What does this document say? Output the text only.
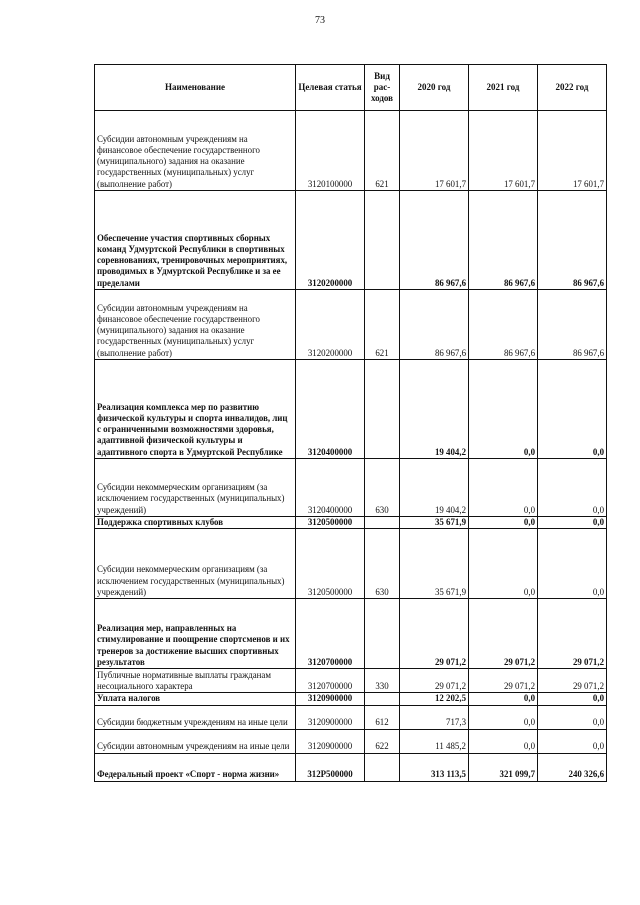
73
Наименование	Целевая статья	Вид рас-ходов	2020 год	2021 год	2022 год
Субсидии автономным учреждениям на финансовое обеспечение государственного (муниципального) задания на оказание государственных (муниципальных) услуг (выполнение работ)	3120100000	621	17 601,7	17 601,7	17 601,7
Обеспечение участия спортивных сборных команд Удмуртской Республики в спортивных соревнованиях, тренировочных мероприятиях, проводимых в Удмуртской Республике и за ее пределами	3120200000		86 967,6	86 967,6	86 967,6
Субсидии автономным учреждениям на финансовое обеспечение государственного (муниципального) задания на оказание государственных (муниципальных) услуг (выполнение работ)	3120200000	621	86 967,6	86 967,6	86 967,6
Реализация комплекса мер по развитию физической культуры и спорта инвалидов, лиц с ограниченными возможностями здоровья, адаптивной физической культуры и адаптивного спорта в Удмуртской Республике	3120400000		19 404,2	0,0	0,0
Субсидии некоммерческим организациям (за исключением государственных (муниципальных) учреждений)	3120400000	630	19 404,2	0,0	0,0
Поддержка спортивных клубов	3120500000		35 671,9	0,0	0,0
Субсидии некоммерческим организациям (за исключением государственных (муниципальных) учреждений)	3120500000	630	35 671,9	0,0	0,0
Реализация мер, направленных на стимулирование и поощрение спортсменов и их тренеров за достижение высших спортивных результатов	3120700000		29 071,2	29 071,2	29 071,2
Публичные нормативные выплаты гражданам несоциального характера	3120700000	330	29 071,2	29 071,2	29 071,2
Уплата налогов	3120900000		12 202,5	0,0	0,0
Субсидии бюджетным учреждениям на иные цели	3120900000	612	717,3	0,0	0,0
Субсидии автономным учреждениям на иные цели	3120900000	622	11 485,2	0,0	0,0
Федеральный проект «Спорт - норма жизни»	312P500000		313 113,5	321 099,7	240 326,6
